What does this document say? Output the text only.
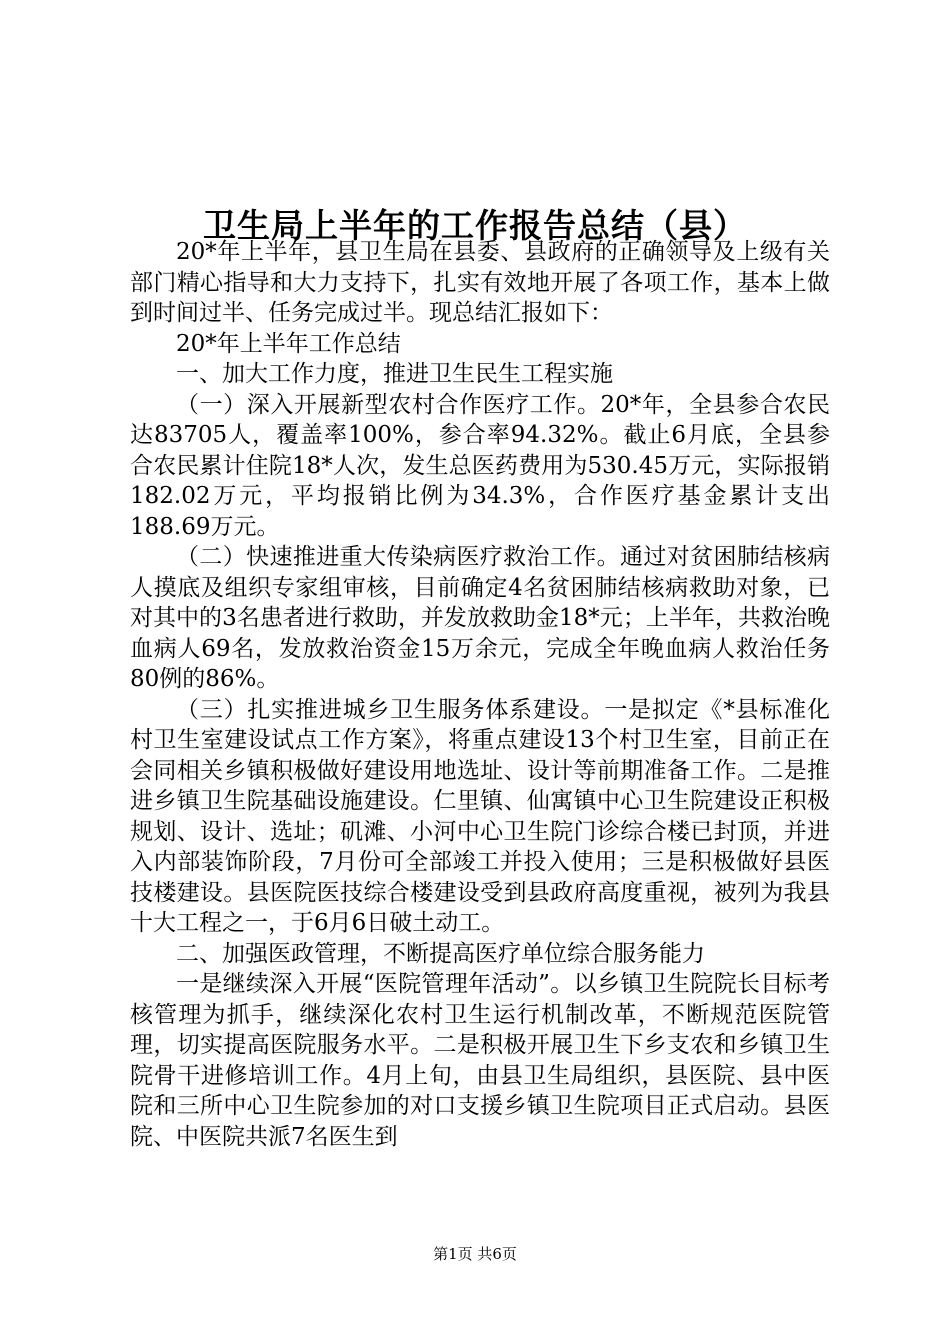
卫生局上半年的工作报告总结（县）

20*年上半年，县卫生局在县委、县政府的正确领导及上级有关部门精心指导和大力支持下，扎实有效地开展了各项工作，基本上做到时间过半、任务完成过半。现总结汇报如下：

20*年上半年工作总结

一、加大工作力度，推进卫生民生工程实施

（一）深入开展新型农村合作医疗工作。20*年，全县参合农民达83705人，覆盖率100%，参合率94.32%。截止6月底，全县参合农民累计住院18*人次，发生总医药费用为530.45万元，实际报销182.02万元，平均报销比例为34.3%，合作医疗基金累计支出188.69万元。

（二）快速推进重大传染病医疗救治工作。通过对贫困肺结核病人摸底及组织专家组审核，目前确定4名贫困肺结核病救助对象，已对其中的3名患者进行救助，并发放救助金18*元；上半年，共救治晚血病人69名，发放救治资金15万余元，完成全年晚血病人救治任务80例的86%。

（三）扎实推进城乡卫生服务体系建设。一是拟定《*县标准化村卫生室建设试点工作方案》，将重点建设13个村卫生室，目前正在会同相关乡镇积极做好建设用地选址、设计等前期准备工作。二是推进乡镇卫生院基础设施建设。仁里镇、仙寓镇中心卫生院建设正积极规划、设计、选址；矶滩、小河中心卫生院门诊综合楼已封顶，并进入内部装饰阶段，7月份可全部竣工并投入使用；三是积极做好县医技楼建设。县医院医技综合楼建设受到县政府高度重视，被列为我县十大工程之一，于6月6日破土动工。

二、加强医政管理，不断提高医疗单位综合服务能力

一是继续深入开展“医院管理年活动”。以乡镇卫生院院长目标考核管理为抓手，继续深化农村卫生运行机制改革，不断规范医院管理，切实提高医院服务水平。二是积极开展卫生下乡支农和乡镇卫生院骨干进修培训工作。4月上旬，由县卫生局组织，县医院、县中医院和三所中心卫生院参加的对口支援乡镇卫生院项目正式启动。县医院、中医院共派7名医生到

第1页 共6页
